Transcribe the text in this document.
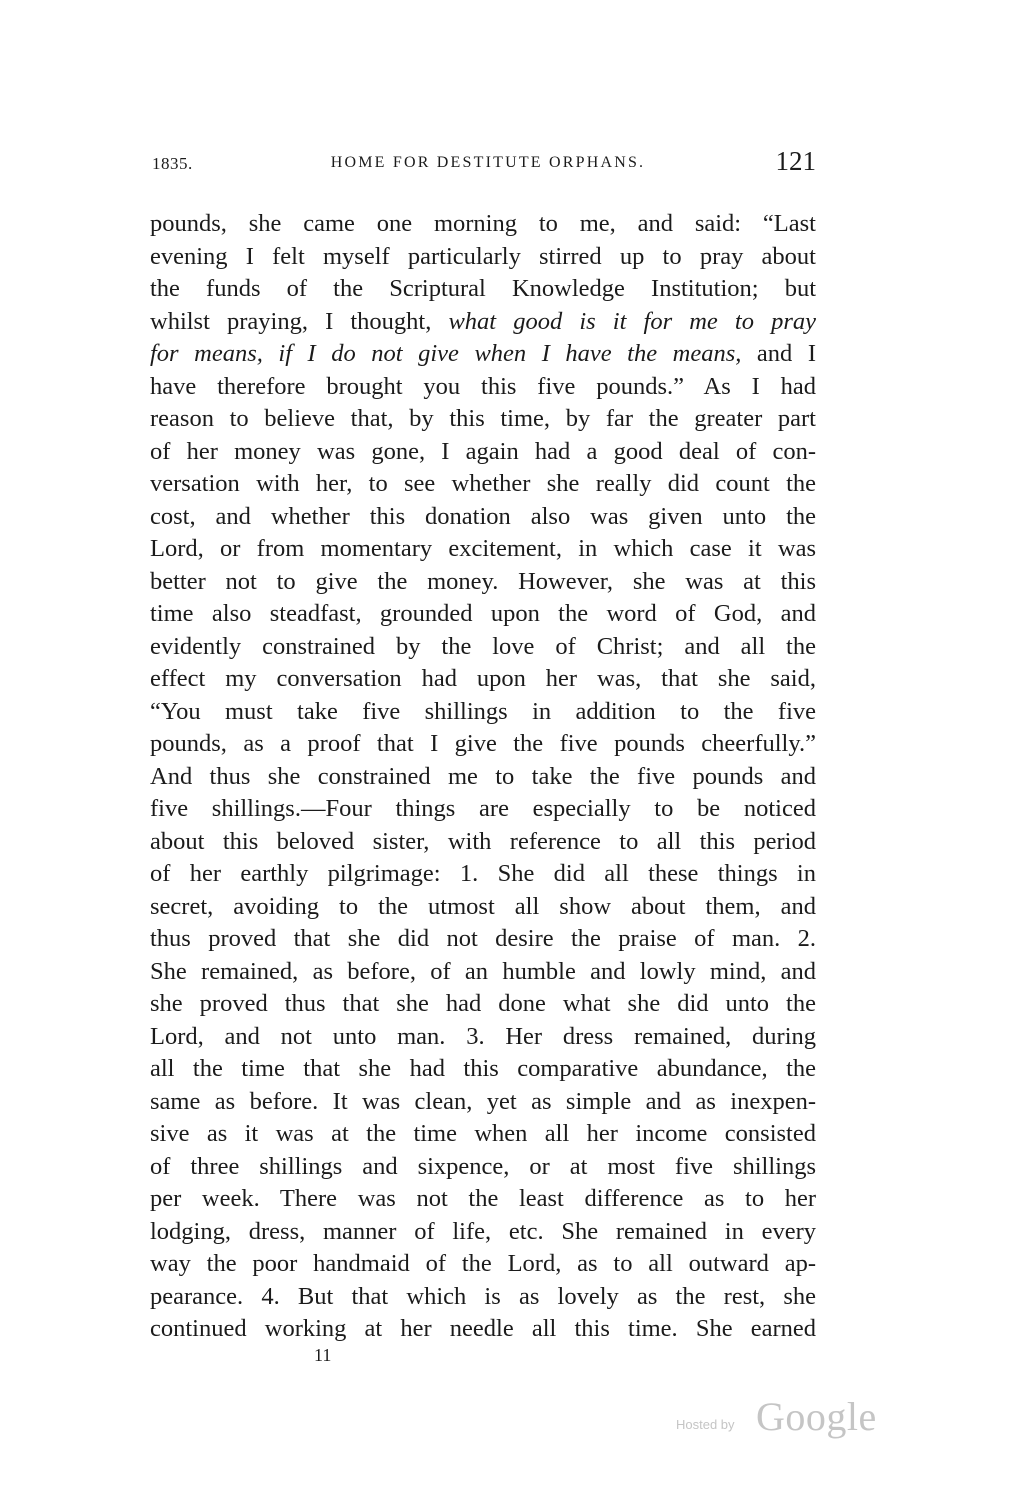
1835.	HOME FOR DESTITUTE ORPHANS.	121
pounds, she came one morning to me, and said: “Last
evening I felt myself particularly stirred up to pray about
the funds of the Scriptural Knowledge Institution; but
whilst praying, I thought, what good is it for me to pray
for means, if I do not give when I have the means, and I
have therefore brought you this five pounds.” As I had
reason to believe that, by this time, by far the greater part
of her money was gone, I again had a good deal of con-
versation with her, to see whether she really did count the
cost, and whether this donation also was given unto the
Lord, or from momentary excitement, in which case it was
better not to give the money. However, she was at this
time also steadfast, grounded upon the word of God, and
evidently constrained by the love of Christ; and all the
effect my conversation had upon her was, that she said,
“You must take five shillings in addition to the five
pounds, as a proof that I give the five pounds cheerfully.”
And thus she constrained me to take the five pounds and
five shillings.—Four things are especially to be noticed
about this beloved sister, with reference to all this period
of her earthly pilgrimage: 1. She did all these things in
secret, avoiding to the utmost all show about them, and
thus proved that she did not desire the praise of man. 2.
She remained, as before, of an humble and lowly mind, and
she proved thus that she had done what she did unto the
Lord, and not unto man. 3. Her dress remained, during
all the time that she had this comparative abundance, the
same as before. It was clean, yet as simple and as inexpen-
sive as it was at the time when all her income consisted
of three shillings and sixpence, or at most five shillings
per week. There was not the least difference as to her
lodging, dress, manner of life, etc. She remained in every
way the poor handmaid of the Lord, as to all outward ap-
pearance. 4. But that which is as lovely as the rest, she
continued working at her needle all this time. She earned
11
Hosted by Google
